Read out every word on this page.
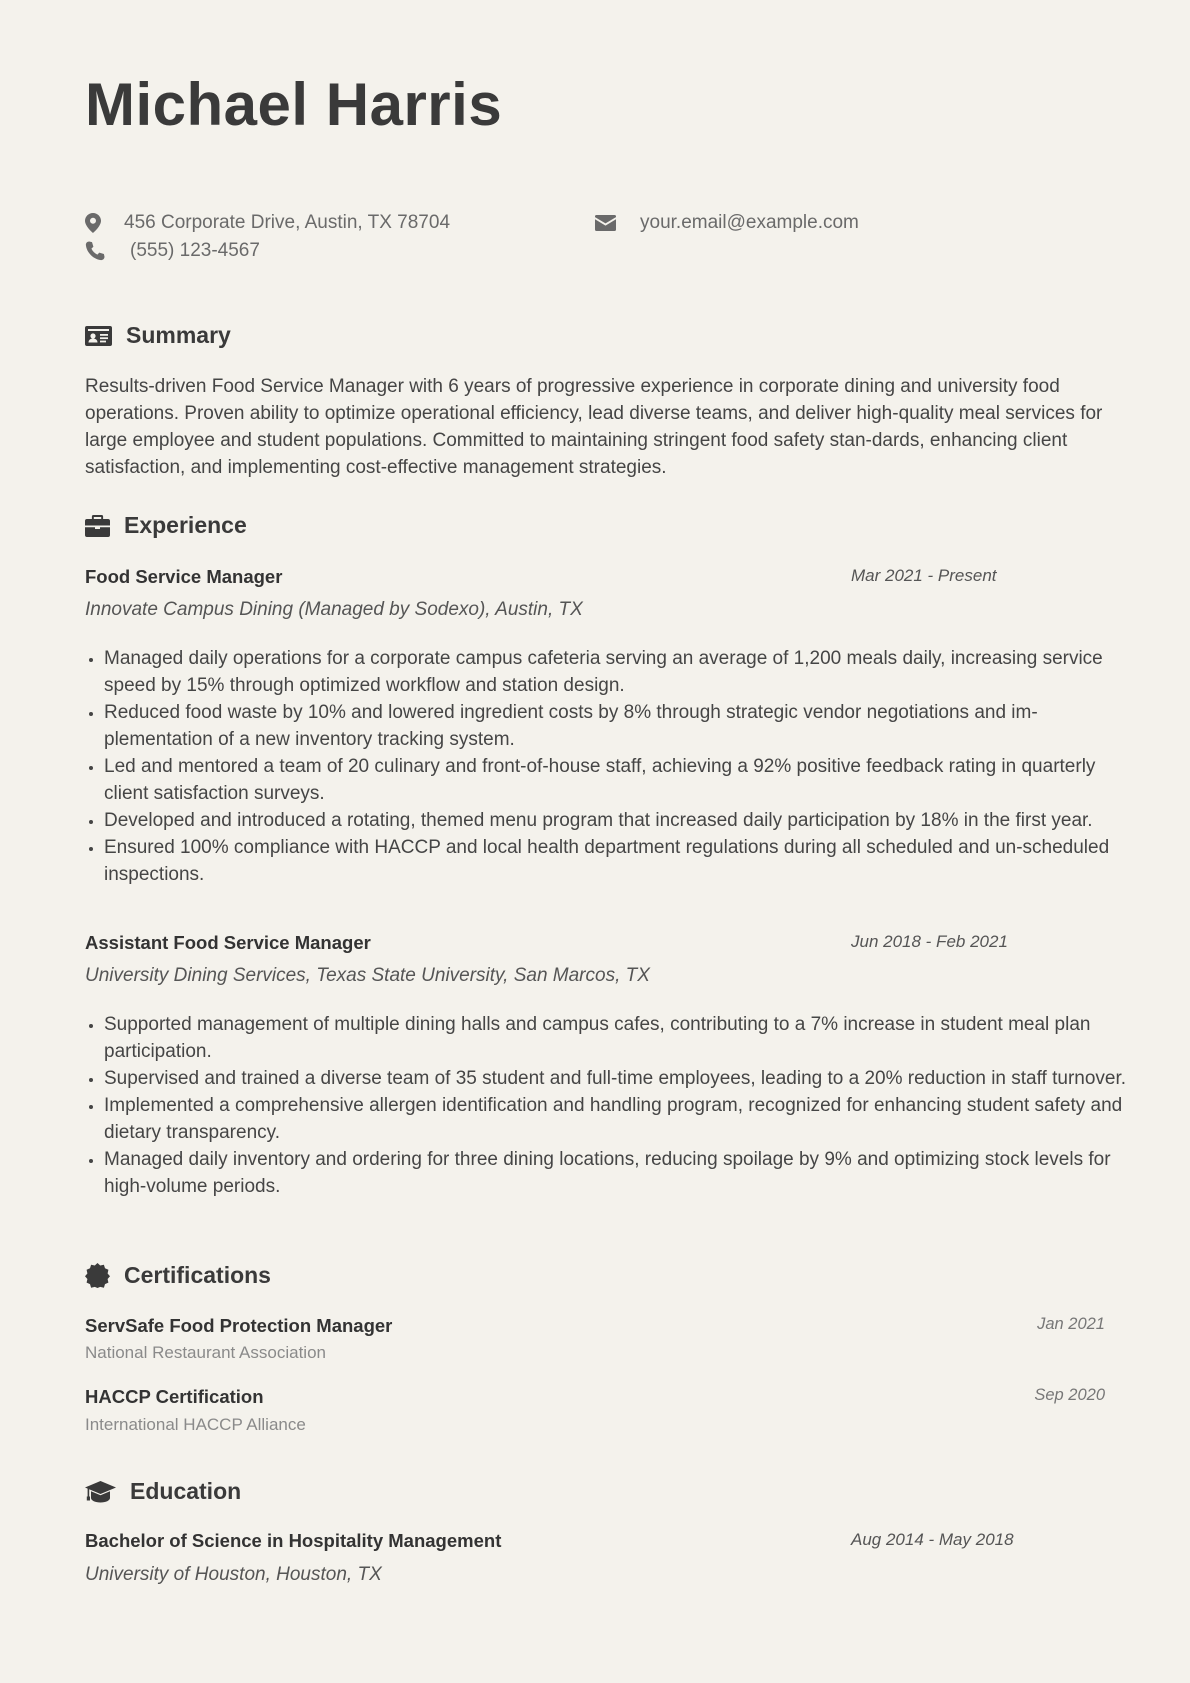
Michael Harris
456 Corporate Drive, Austin, TX 78704	your.email@example.com
(555) 123-4567
Summary

Results-driven Food Service Manager with 6 years of progressive experience in corporate dining and university food operations. Proven ability to optimize operational efficiency, lead diverse teams, and deliver high-quality meal services for large employee and student populations. Committed to maintaining stringent food safety stan-dards, enhancing client satisfaction, and implementing cost-effective management strategies.

Experience
Food Service Manager	Mar 2021 - Present
Innovate Campus Dining (Managed by Sodexo), Austin, TX
• Managed daily operations for a corporate campus cafeteria serving an average of 1,200 meals daily, increasing service speed by 15% through optimized workflow and station design.
• Reduced food waste by 10% and lowered ingredient costs by 8% through strategic vendor negotiations and im-plementation of a new inventory tracking system.
• Led and mentored a team of 20 culinary and front-of-house staff, achieving a 92% positive feedback rating in quarterly client satisfaction surveys.
• Developed and introduced a rotating, themed menu program that increased daily participation by 18% in the first year.
• Ensured 100% compliance with HACCP and local health department regulations during all scheduled and un-scheduled inspections.
Assistant Food Service Manager	Jun 2018 - Feb 2021
University Dining Services, Texas State University, San Marcos, TX
• Supported management of multiple dining halls and campus cafes, contributing to a 7% increase in student meal plan participation.
• Supervised and trained a diverse team of 35 student and full-time employees, leading to a 20% reduction in staff turnover.
• Implemented a comprehensive allergen identification and handling program, recognized for enhancing student safety and dietary transparency.
• Managed daily inventory and ordering for three dining locations, reducing spoilage by 9% and optimizing stock levels for high-volume periods.
Certifications
ServSafe Food Protection Manager	Jan 2021
National Restaurant Association
HACCP Certification	Sep 2020
International HACCP Alliance
Education
Bachelor of Science in Hospitality Management	Aug 2014 - May 2018
University of Houston, Houston, TX
